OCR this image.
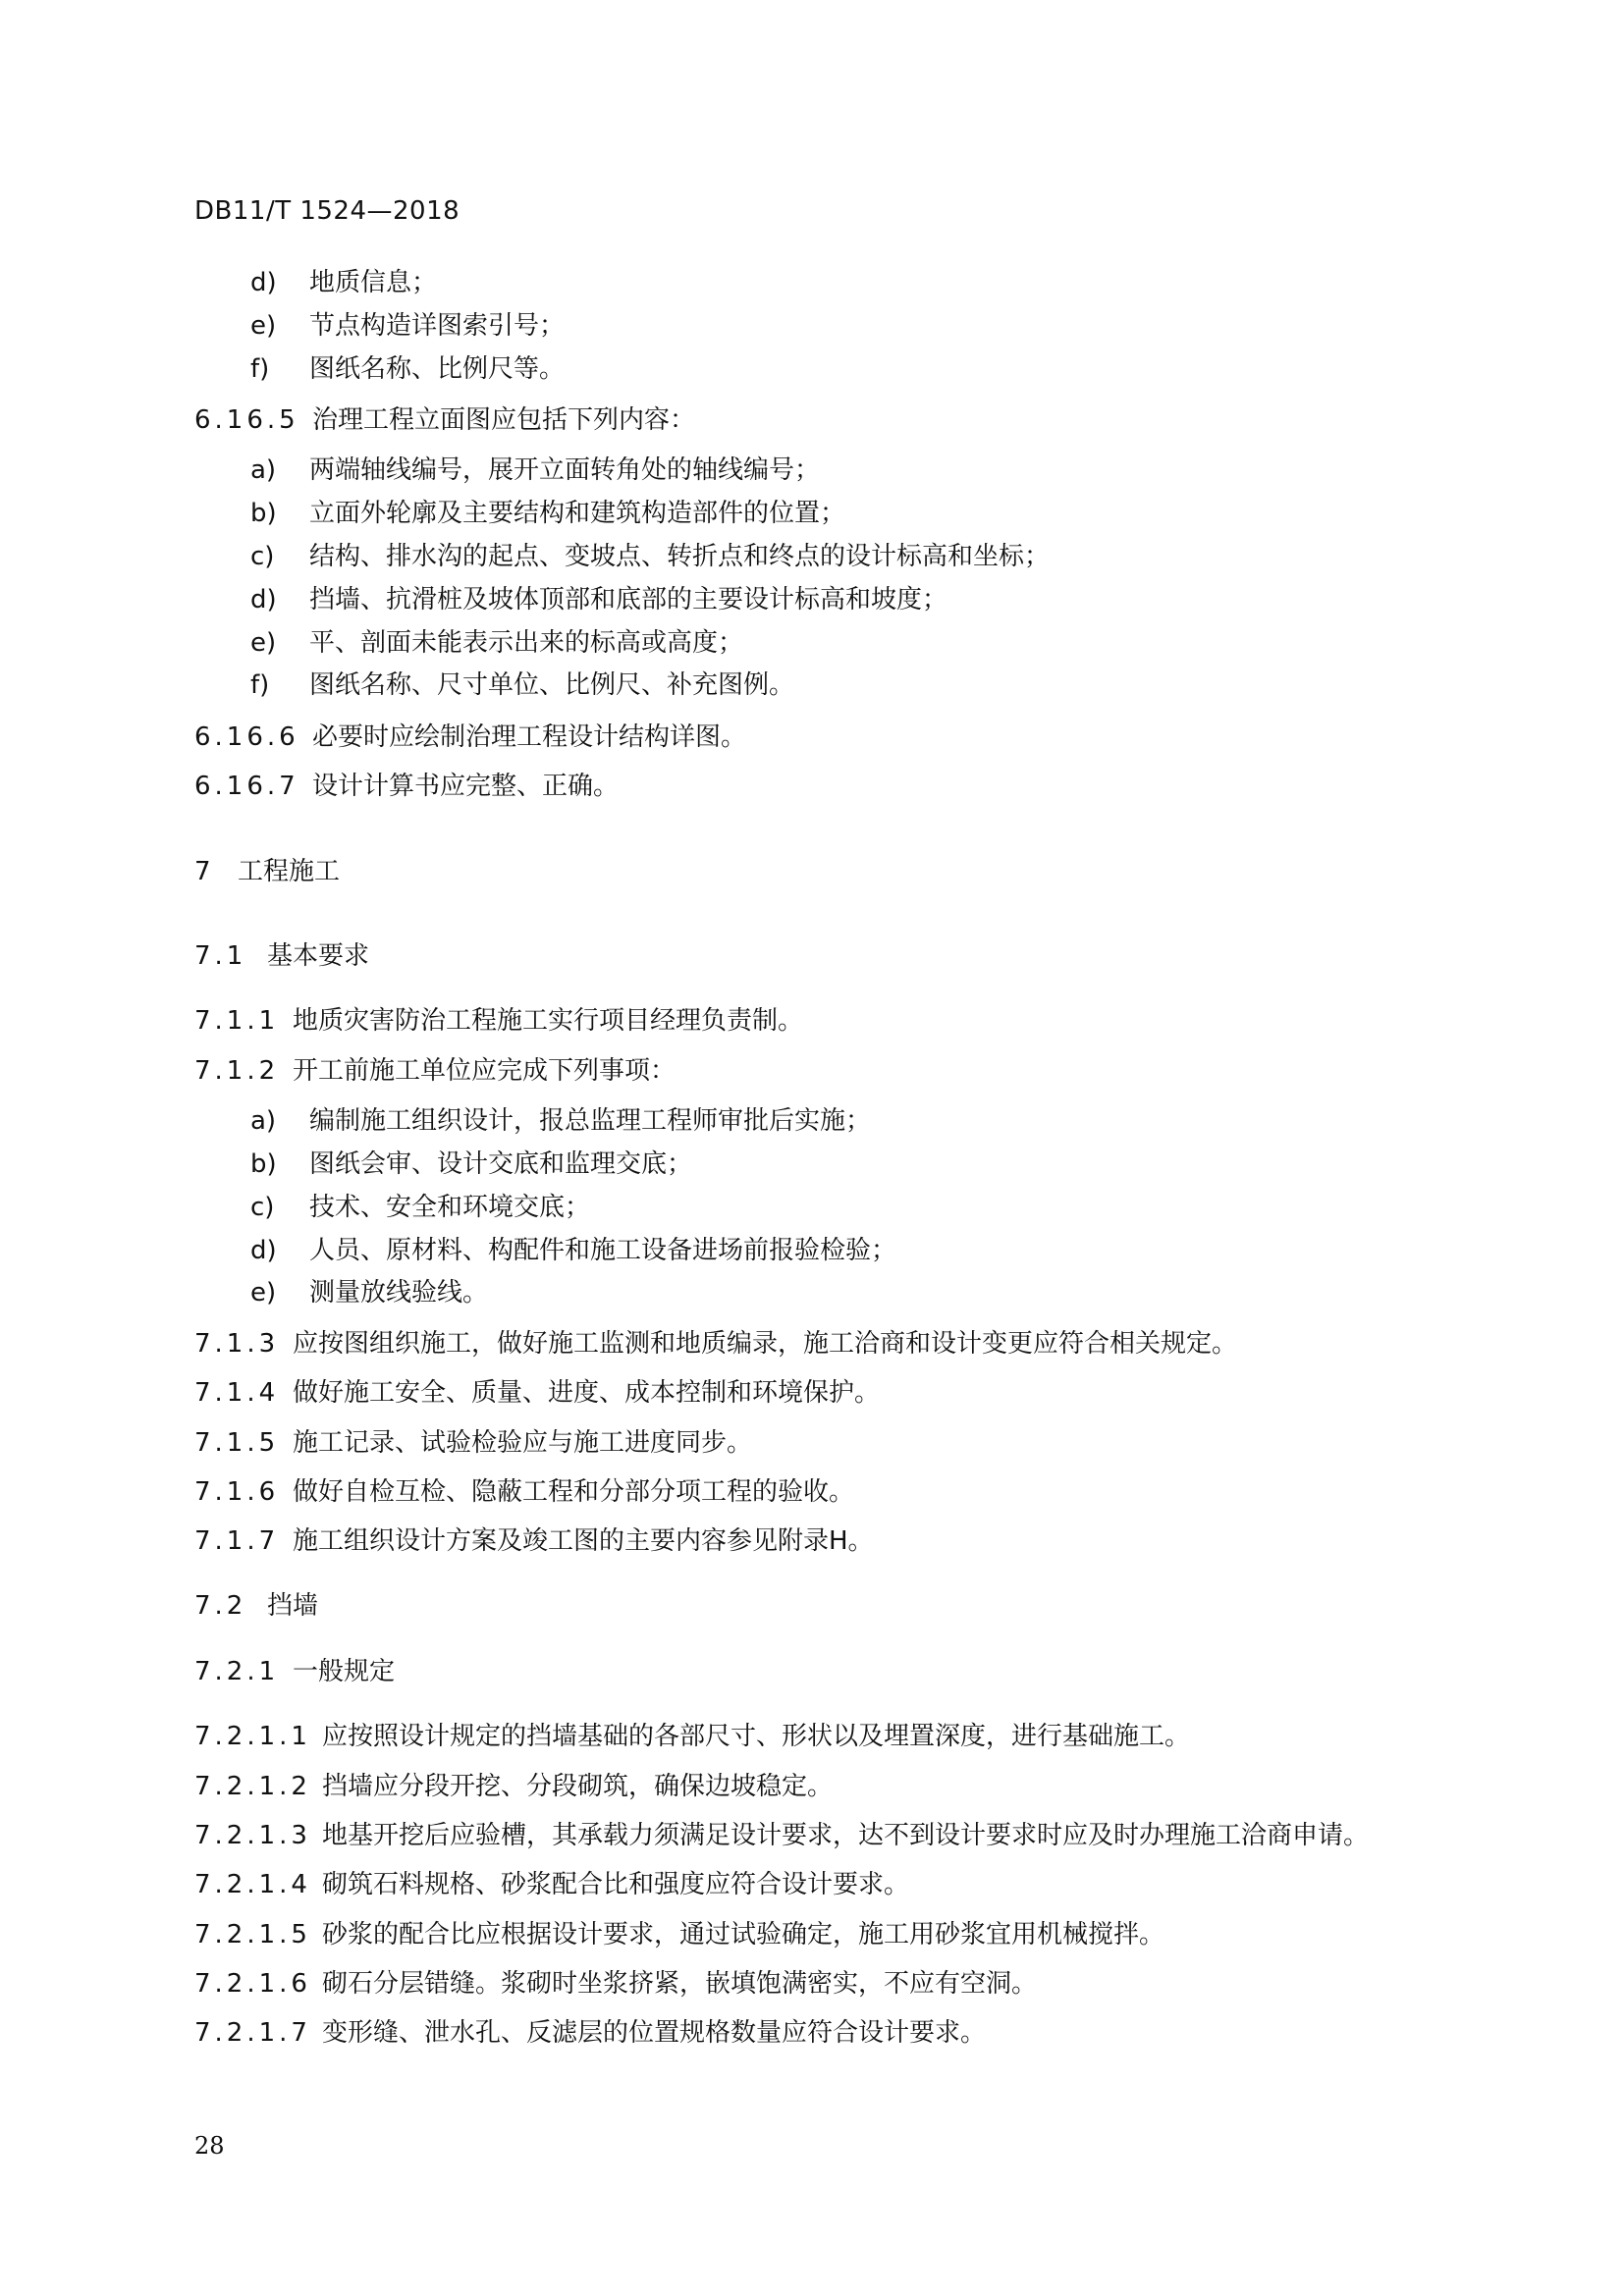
DB11/T 1524—2018
d) 地质信息；
e) 节点构造详图索引号；
f) 图纸名称、比例尺等。
6.16.5 治理工程立面图应包括下列内容：
a) 两端轴线编号，展开立面转角处的轴线编号；
b) 立面外轮廓及主要结构和建筑构造部件的位置；
c) 结构、排水沟的起点、变坡点、转折点和终点的设计标高和坐标；
d) 挡墙、抗滑桩及坡体顶部和底部的主要设计标高和坡度；
e) 平、剖面未能表示出来的标高或高度；
f) 图纸名称、尺寸单位、比例尺、补充图例。
6.16.6 必要时应绘制治理工程设计结构详图。
6.16.7 设计计算书应完整、正确。
7 工程施工
7.1 基本要求
7.1.1 地质灾害防治工程施工实行项目经理负责制。
7.1.2 开工前施工单位应完成下列事项：
a) 编制施工组织设计，报总监理工程师审批后实施；
b) 图纸会审、设计交底和监理交底；
c) 技术、安全和环境交底；
d) 人员、原材料、构配件和施工设备进场前报验检验；
e) 测量放线验线。
7.1.3 应按图组织施工，做好施工监测和地质编录，施工洽商和设计变更应符合相关规定。
7.1.4 做好施工安全、质量、进度、成本控制和环境保护。
7.1.5 施工记录、试验检验应与施工进度同步。
7.1.6 做好自检互检、隐蔽工程和分部分项工程的验收。
7.1.7 施工组织设计方案及竣工图的主要内容参见附录H。
7.2 挡墙
7.2.1 一般规定
7.2.1.1 应按照设计规定的挡墙基础的各部尺寸、形状以及埋置深度，进行基础施工。
7.2.1.2 挡墙应分段开挖、分段砌筑，确保边坡稳定。
7.2.1.3 地基开挖后应验槽，其承载力须满足设计要求，达不到设计要求时应及时办理施工洽商申请。
7.2.1.4 砌筑石料规格、砂浆配合比和强度应符合设计要求。
7.2.1.5 砂浆的配合比应根据设计要求，通过试验确定，施工用砂浆宜用机械搅拌。
7.2.1.6 砌石分层错缝。浆砌时坐浆挤紧，嵌填饱满密实，不应有空洞。
7.2.1.7 变形缝、泄水孔、反滤层的位置规格数量应符合设计要求。
28
